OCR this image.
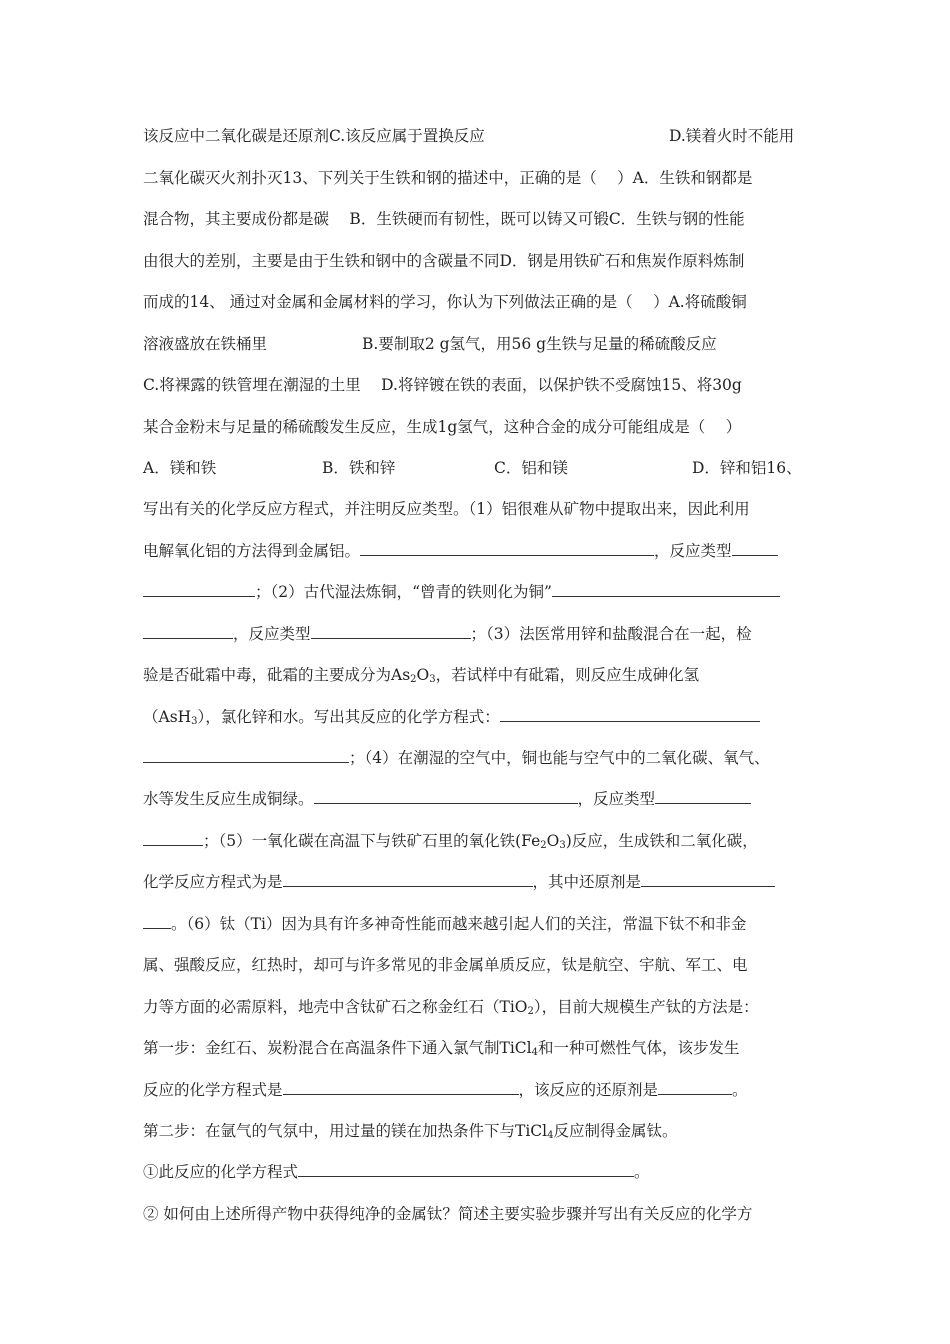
该反应中二氧化碳是还原剂C.该反应属于置换反应	D.镁着火时不能用
二氧化碳灭火剂扑灭13、下列关于生铁和钢的描述中，正确的是（　 ）A．生铁和钢都是
混合物，其主要成份都是碳　 B．生铁硬而有韧性，既可以铸又可锻C．生铁与钢的性能
由很大的差别，主要是由于生铁和钢中的含碳量不同D．钢是用铁矿石和焦炭作原料炼制
而成的14、 通过对金属和金属材料的学习，你认为下列做法正确的是（　 ）A.将硫酸铜
溶液盛放在铁桶里	B.要制取2 g氢气，用56 g生铁与足量的稀硫酸反应
C.将裸露的铁管埋在潮湿的土里　 D.将锌镀在铁的表面，以保护铁不受腐蚀15、将30g
某合金粉末与足量的稀硫酸发生反应，生成1g氢气，这种合金的成分可能组成是（　 ）
A．镁和铁	B．铁和锌	C．铝和镁	D．锌和铝16、
写出有关的化学反应方程式，并注明反应类型。（1）铝很难从矿物中提取出来，因此利用
电解氧化铝的方法得到金属铝。	，反应类型
；（2）古代湿法炼铜，“曾青的铁则化为铜”
，反应类型	；（3）法医常用锌和盐酸混合在一起，检
验是否砒霜中毒，砒霜的主要成分为$As_2O_3$，若试样中有砒霜，则反应生成砷化氢
（AsH$_3$），氯化锌和水。写出其反应的化学方程式：
；（4）在潮湿的空气中，铜也能与空气中的二氧化碳、氧气、
水等发生反应生成铜绿。	，反应类型
；（5）一氧化碳在高温下与铁矿石里的氧化铁$(Fe_2O_3)$反应，生成铁和二氧化碳，
化学反应方程式为是	，其中还原剂是
。（6）钛（Ti）因为具有许多神奇性能而越来越引起人们的关注，常温下钛不和非金
属、强酸反应，红热时，却可与许多常见的非金属单质反应，钛是航空、宇航、军工、电
力等方面的必需原料，地壳中含钛矿石之称金红石（TiO$_2$），目前大规模生产钛的方法是：
第一步：金红石、炭粉混合在高温条件下通入氯气制TiCl$_4$和一种可燃性气体，该步发生
反应的化学方程式是	，该反应的还原剂是	。
第二步：在氩气的气氛中，用过量的镁在加热条件下与TiCl$_4$反应制得金属钛。
①此反应的化学方程式	。
② 如何由上述所得产物中获得纯净的金属钛？简述主要实验步骤并写出有关反应的化学方
